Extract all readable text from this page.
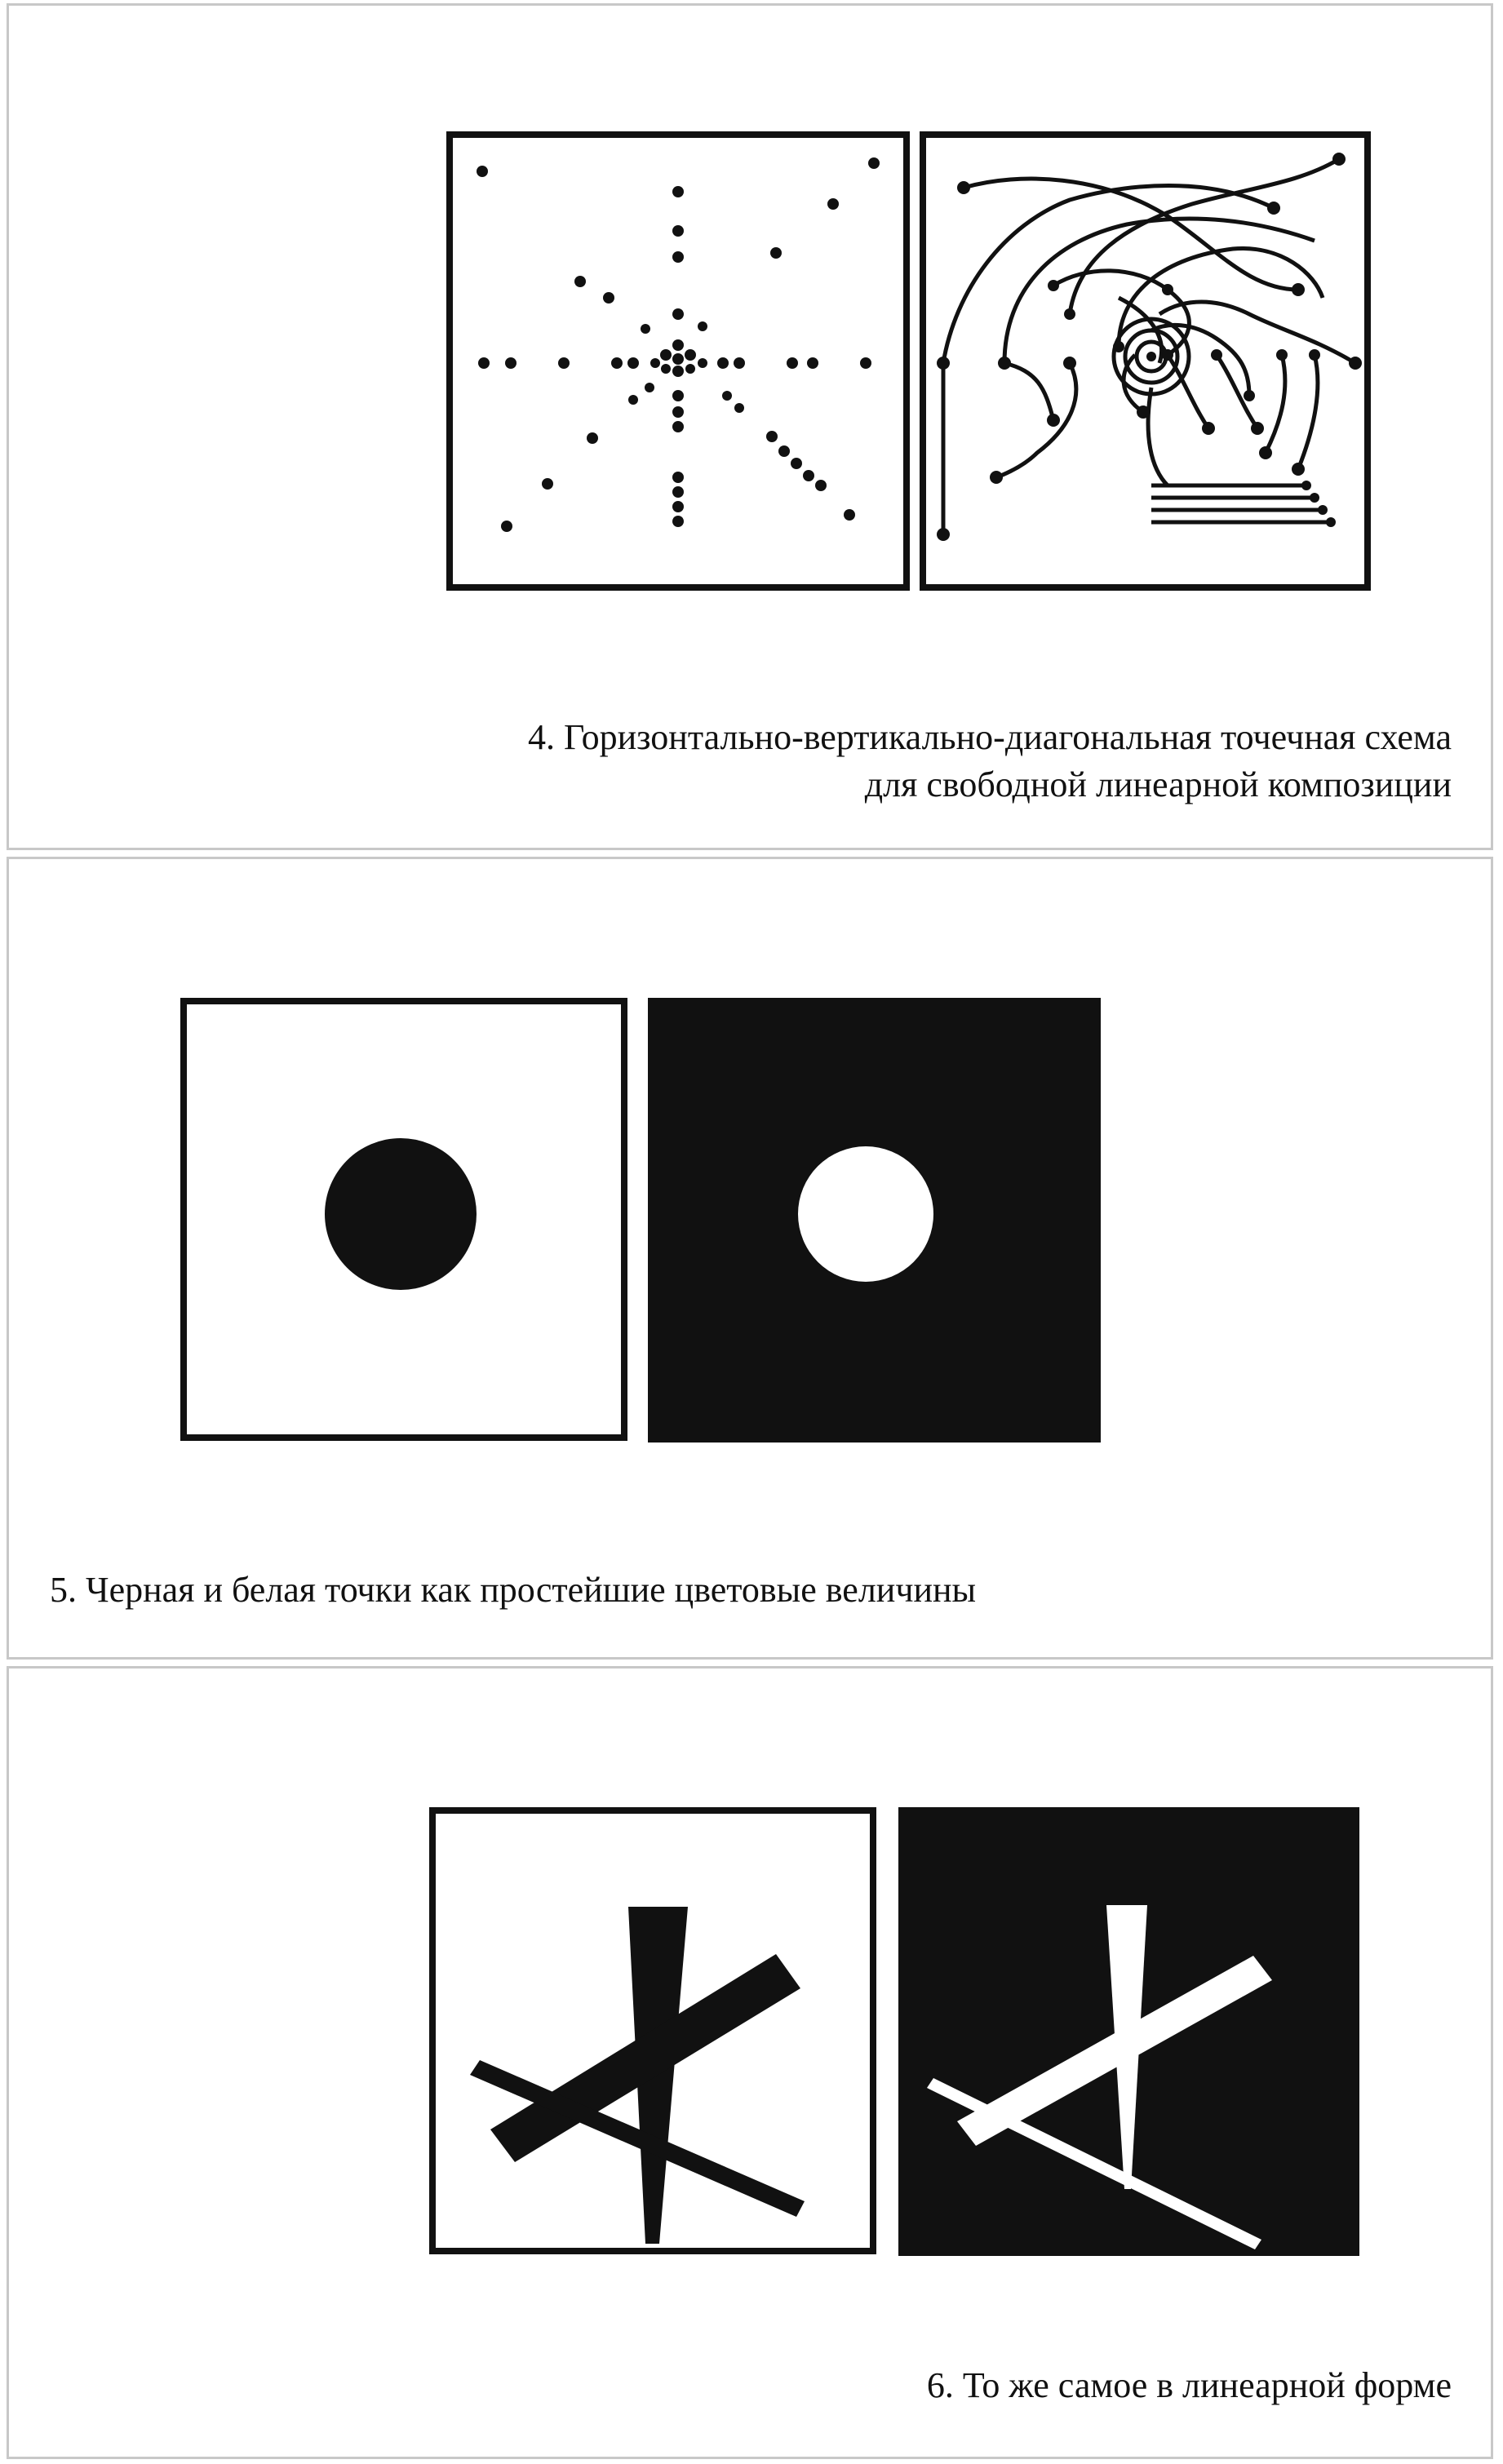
4. Горизонтально-вертикально-диагональная точечная схема
для свободной линеарной композиции
5. Черная и белая точки как простейшие цветовые величины
6. То же самое в линеарной форме
